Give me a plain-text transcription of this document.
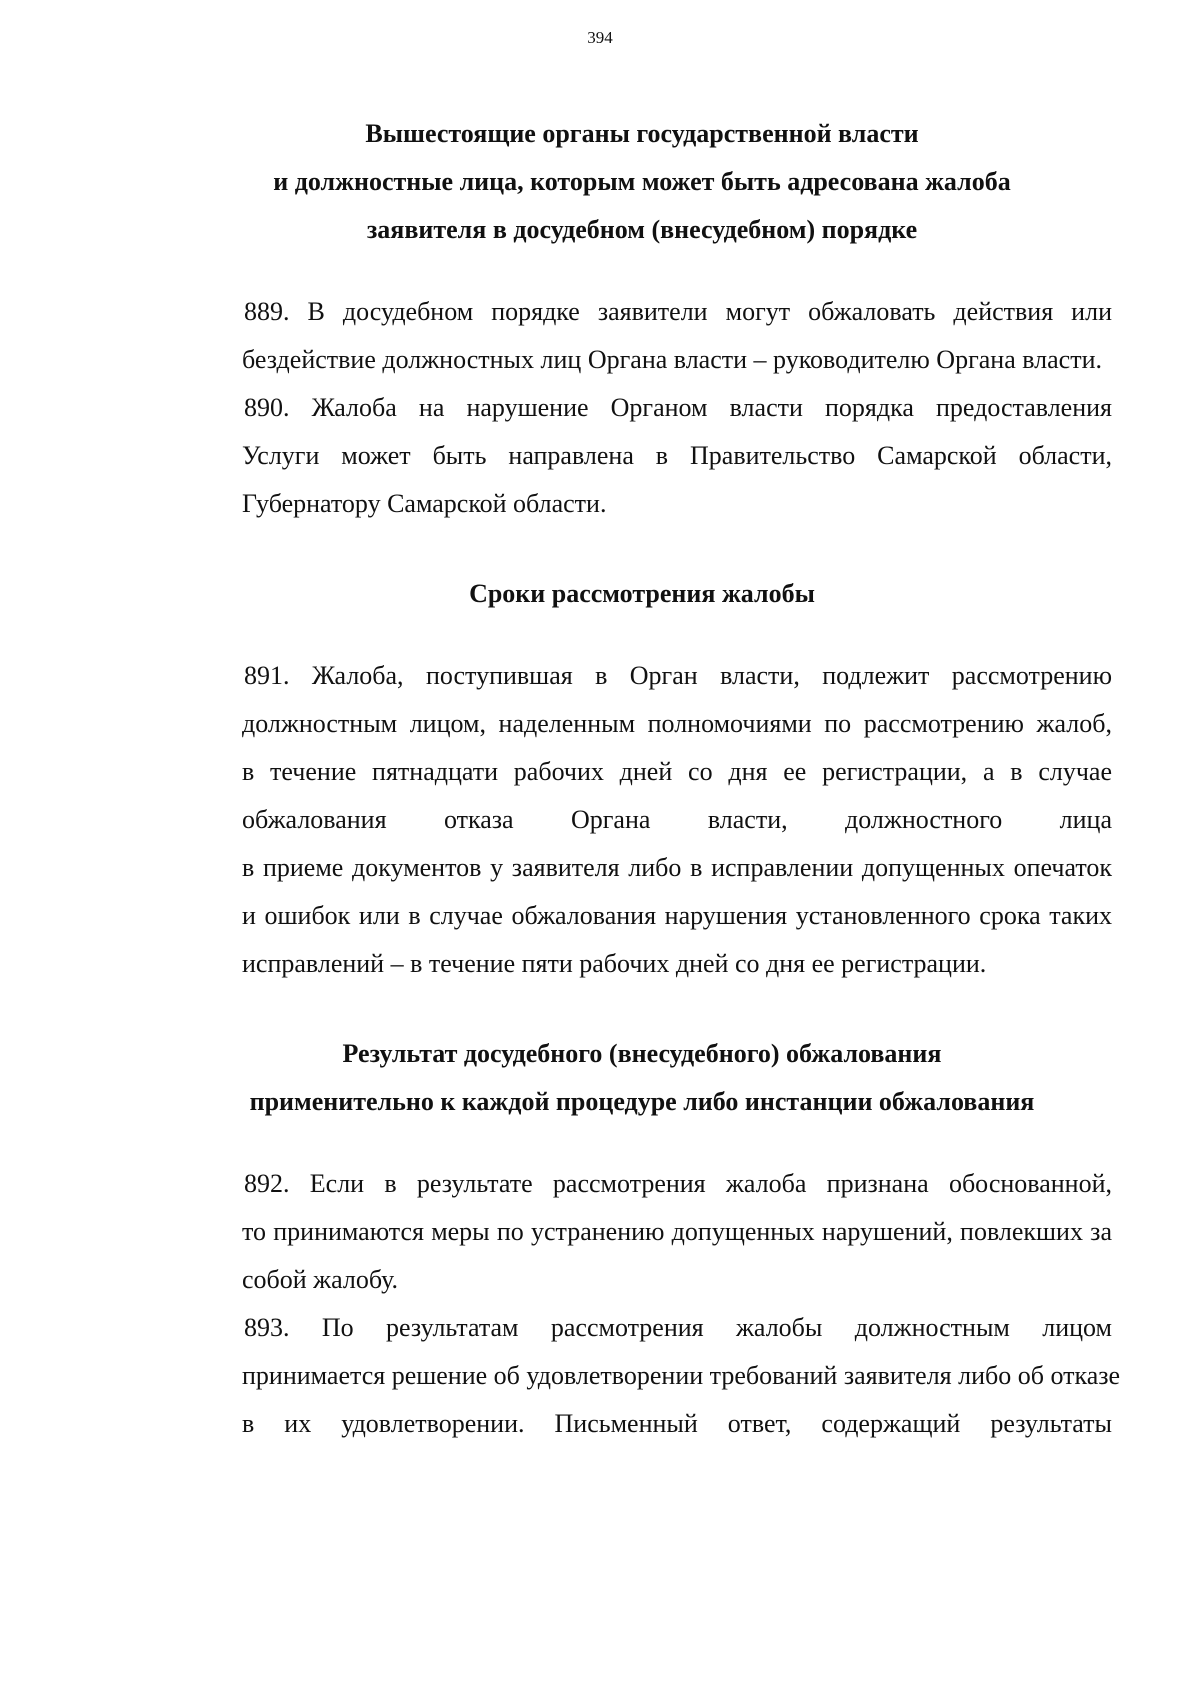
394
Вышестоящие органы государственной власти
и должностные лица, которым может быть адресована жалоба
заявителя в досудебном (внесудебном) порядке
889. В досудебном порядке заявители могут обжаловать действия или
бездействие должностных лиц Органа власти – руководителю Органа власти.
890. Жалоба на нарушение Органом власти порядка предоставления
Услуги может быть направлена в Правительство Самарской области,
Губернатору Самарской области.
Сроки рассмотрения жалобы
891. Жалоба, поступившая в Орган власти, подлежит рассмотрению
должностным лицом, наделенным полномочиями по рассмотрению жалоб,
в течение пятнадцати рабочих дней со дня ее регистрации, а в случае
обжалования отказа Органа власти, должностного лица
в приеме документов у заявителя либо в исправлении допущенных опечаток
и ошибок или в случае обжалования нарушения установленного срока таких
исправлений – в течение пяти рабочих дней со дня ее регистрации.
Результат досудебного (внесудебного) обжалования
применительно к каждой процедуре либо инстанции обжалования
892. Если в результате рассмотрения жалоба признана обоснованной,
то принимаются меры по устранению допущенных нарушений, повлекших за
собой жалобу.
893. По результатам рассмотрения жалобы должностным лицом
принимается решение об удовлетворении требований заявителя либо об отказе
в их удовлетворении. Письменный ответ, содержащий результаты
